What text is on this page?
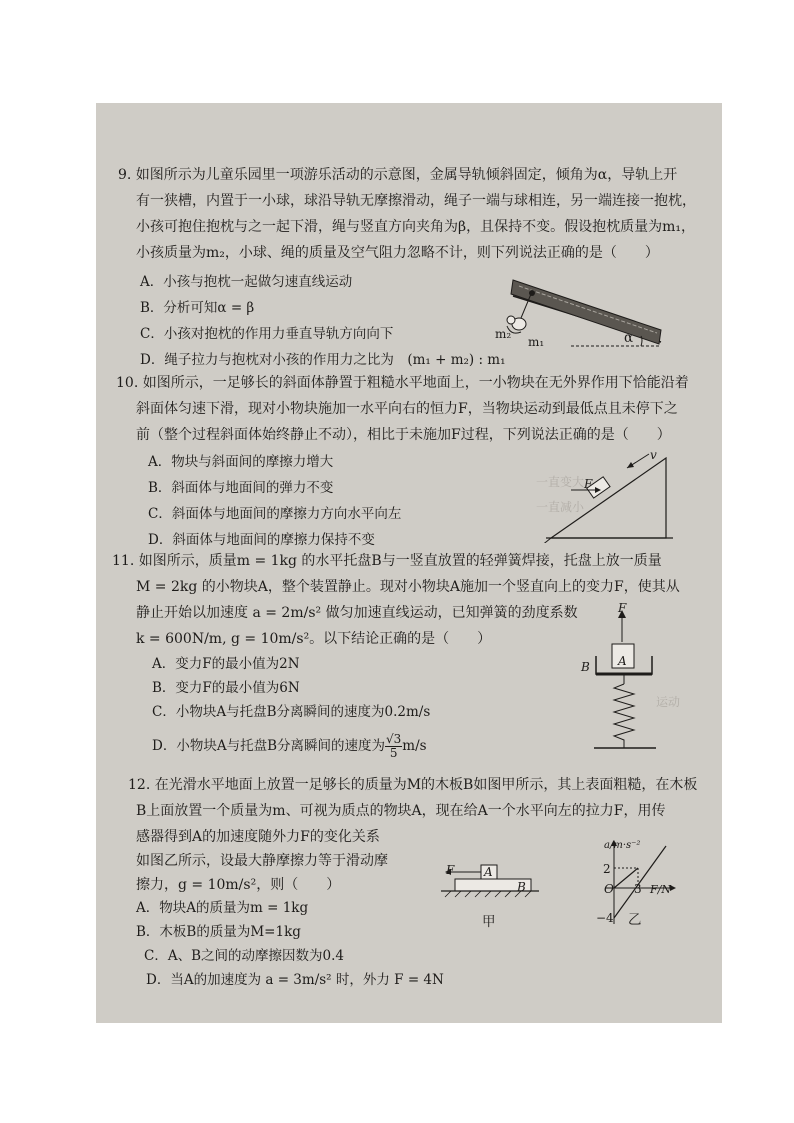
一直变大
一直减小
运动
9. 如图所示为儿童乐园里一项游乐活动的示意图，金属导轨倾斜固定，倾角为α，导轨上开
有一狭槽，内置于一小球，球沿导轨无摩擦滑动，绳子一端与球相连，另一端连接一抱枕，
小孩可抱住抱枕与之一起下滑，绳与竖直方向夹角为β，且保持不变。假设抱枕质量为m₁，
小孩质量为m₂，小球、绳的质量及空气阻力忽略不计，则下列说法正确的是（　　）
A．小孩与抱枕一起做匀速直线运动
B．分析可知α = β
C．小孩对抱枕的作用力垂直导轨方向向下
D．绳子拉力与抱枕对小孩的作用力之比为　(m₁ + m₂) : m₁
m₂
m₁	α
10. 如图所示，一足够长的斜面体静置于粗糙水平地面上，一小物块在无外界作用下恰能沿着
斜面体匀速下滑，现对小物块施加一水平向右的恒力F，当物块运动到最低点且未停下之
前（整个过程斜面体始终静止不动），相比于未施加F过程，下列说法正确的是（　　）
A．物块与斜面间的摩擦力增大
B．斜面体与地面间的弹力不变
C．斜面体与地面间的摩擦力方向水平向左
D．斜面体与地面间的摩擦力保持不变
F
v
11. 如图所示，质量m = 1kg 的水平托盘B与一竖直放置的轻弹簧焊接，托盘上放一质量
M = 2kg 的小物块A，整个装置静止。现对小物块A施加一个竖直向上的变力F，使其从
静止开始以加速度 a = 2m/s² 做匀加速直线运动，已知弹簧的劲度系数
k = 600N/m, g = 10m/s²。以下结论正确的是（　　）
A．变力F的最小值为2N
B．变力F的最小值为6N
C．小物块A与托盘B分离瞬间的速度为0.2m/s
D．小物块A与托盘B分离瞬间的速度为 $\frac{√3}{5} m/s$
F
A
B
12. 在光滑水平地面上放置一足够长的质量为M的木板B如图甲所示，其上表面粗糙，在木板
B上面放置一个质量为m、可视为质点的物块A，现在给A一个水平向左的拉力F，用传
感器得到A的加速度随外力F的变化关系
如图乙所示，设最大静摩擦力等于滑动摩
擦力，g = 10m/s²，则（　　）
A．物块A的质量为m = 1kg
B．木板B的质量为M=1kg
C．A、B之间的动摩擦因数为0.4
D．当A的加速度为 a = 3m/s² 时，外力 F = 4N
F A
B
甲
a/m·s⁻²
F/N
2
−4
3
O
乙
